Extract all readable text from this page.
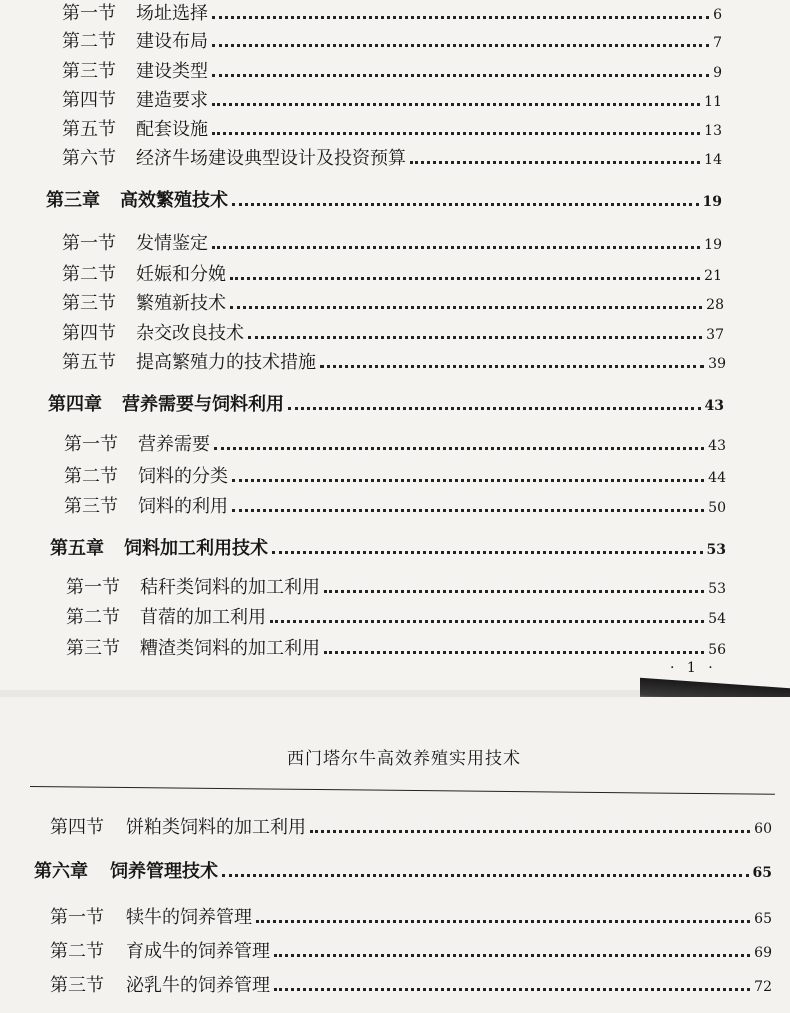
第一节 场址选择	6
第二节 建设布局	7
第三节 建设类型	9
第四节 建造要求	11
第五节 配套设施	13
第六节 经济牛场建设典型设计及投资预算	14
第三章 高效繁殖技术	19
第一节 发情鉴定	19
第二节 妊娠和分娩	21
第三节 繁殖新技术	28
第四节 杂交改良技术	37
第五节 提高繁殖力的技术措施	39
第四章 营养需要与饲料利用	43
第一节 营养需要	43
第二节 饲料的分类	44
第三节 饲料的利用	50
第五章 饲料加工利用技术	53
第一节 秸秆类饲料的加工利用	53
第二节 苜蓿的加工利用	54
第三节 糟渣类饲料的加工利用	56
· 1 ·
西门塔尔牛高效养殖实用技术
第四节 饼粕类饲料的加工利用	60
第六章 饲养管理技术	65
第一节 犊牛的饲养管理	65
第二节 育成牛的饲养管理	69
第三节 泌乳牛的饲养管理	72
